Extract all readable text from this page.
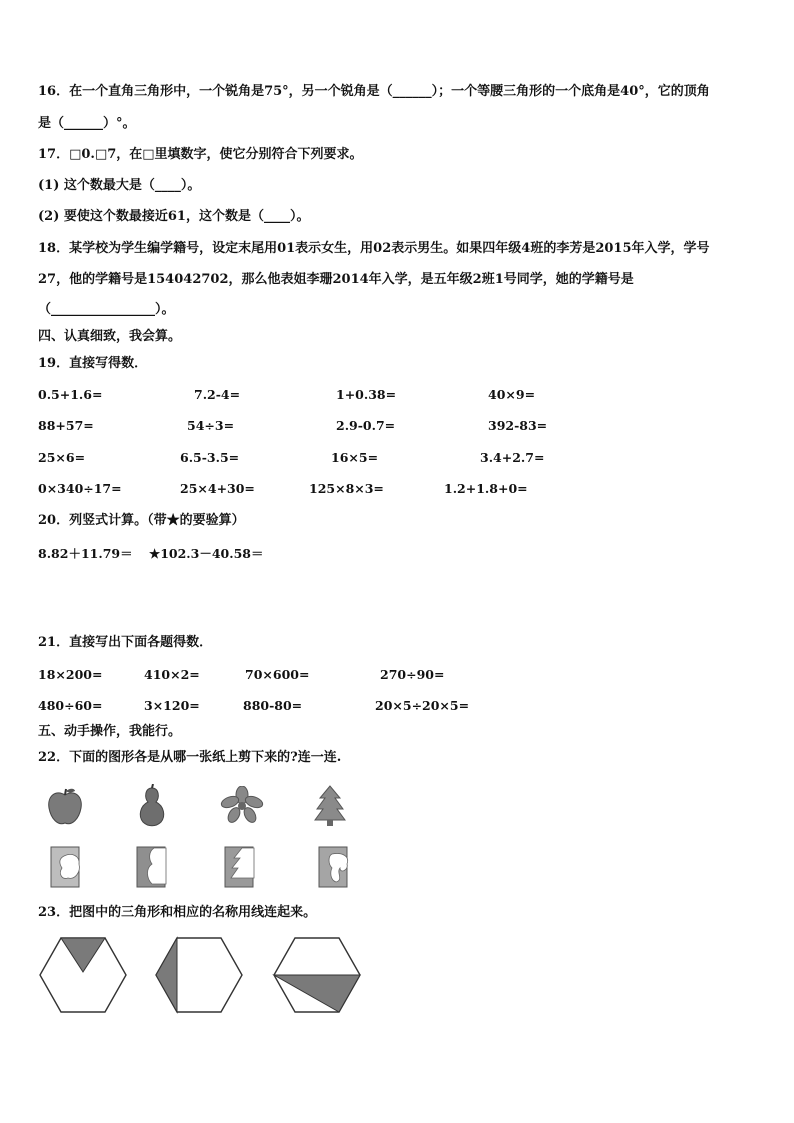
16．在一个直角三角形中，一个锐角是75°，另一个锐角是（______）；一个等腰三角形的一个底角是40°，它的顶角
是（______）°。
17．□0.□7，在□里填数字，使它分别符合下列要求。
(1) 这个数最大是（____）。
(2) 要使这个数最接近61，这个数是（____）。
18．某学校为学生编学籍号，设定末尾用01表示女生，用02表示男生。如果四年级4班的李芳是2015年入学，学号
27，他的学籍号是154042702，那么他表姐李珊2014年入学，是五年级2班1号同学，她的学籍号是
（________________）。
四、认真细致，我会算。
19．直接写得数．
0.5+1.6=	7.2-4=	1+0.38=	40×9=
88+57=	54÷3=	2.9-0.7=	392-83=
25×6=	6.5-3.5=	16×5=	3.4+2.7=
0×340÷17=	25×4+30=	125×8×3=	1.2+1.8+0=
20．列竖式计算。（带★的要验算）
8.82＋11.79＝ ★102.3－40.58＝
21．直接写出下面各题得数．
18×200=	410×2=	70×600=	270÷90=
480÷60=	3×120=	880-80=	20×5÷20×5=
五、动手操作，我能行。
22．下面的图形各是从哪一张纸上剪下来的?连一连.
23．把图中的三角形和相应的名称用线连起来。
